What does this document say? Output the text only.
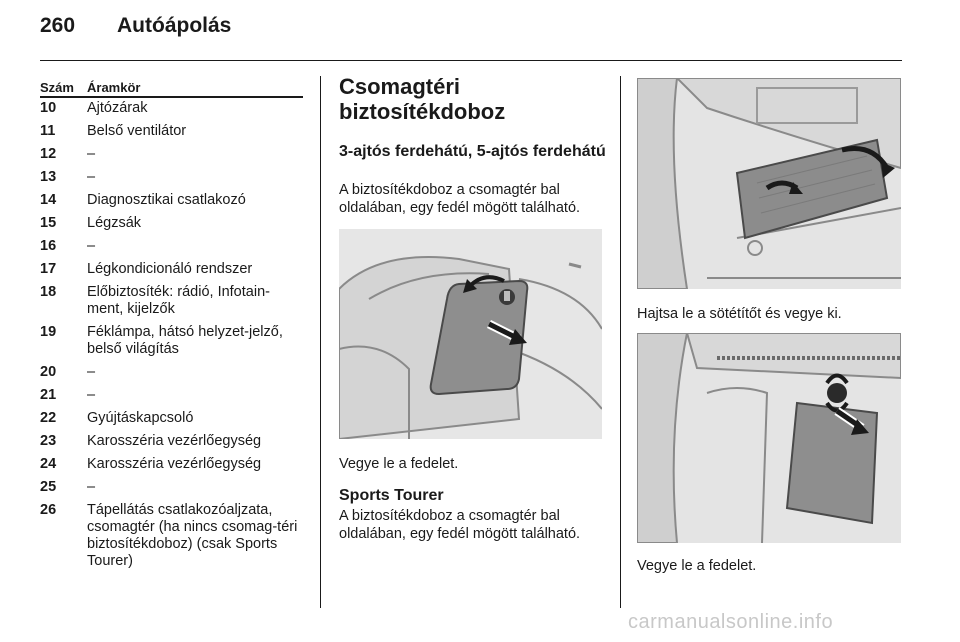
260 Autóápolás
Szám Áramkör
10 Ajtózárak
11 Belső ventilátor
12 –
13 –
14 Diagnosztikai csatlakozó
15 Légzsák
16 –
17 Légkondicionáló rendszer
18 Előbiztosíték: rádió, Infotain-ment, kijelzők
19 Féklámpa, hátsó helyzet-jelző, belső világítás
20 –
21 –
22 Gyújtáskapcsoló
23 Karosszéria vezérlőegység
24 Karosszéria vezérlőegység
25 –
26 Tápellátás csatlakozóaljzata, csomagtér (ha nincs csomag-téri biztosítékdoboz) (csak Sports Tourer)
Csomagtéri biztosítékdoboz
3-ajtós ferdehátú, 5-ajtós ferdehátú
A biztosítékdoboz a csomagtér bal oldalában, egy fedél mögött található.
Vegye le a fedelet.
Sports Tourer
A biztosítékdoboz a csomagtér bal oldalában, egy fedél mögött található.
Hajtsa le a sötétítőt és vegye ki.
Vegye le a fedelet.
carmanualsonline.info
